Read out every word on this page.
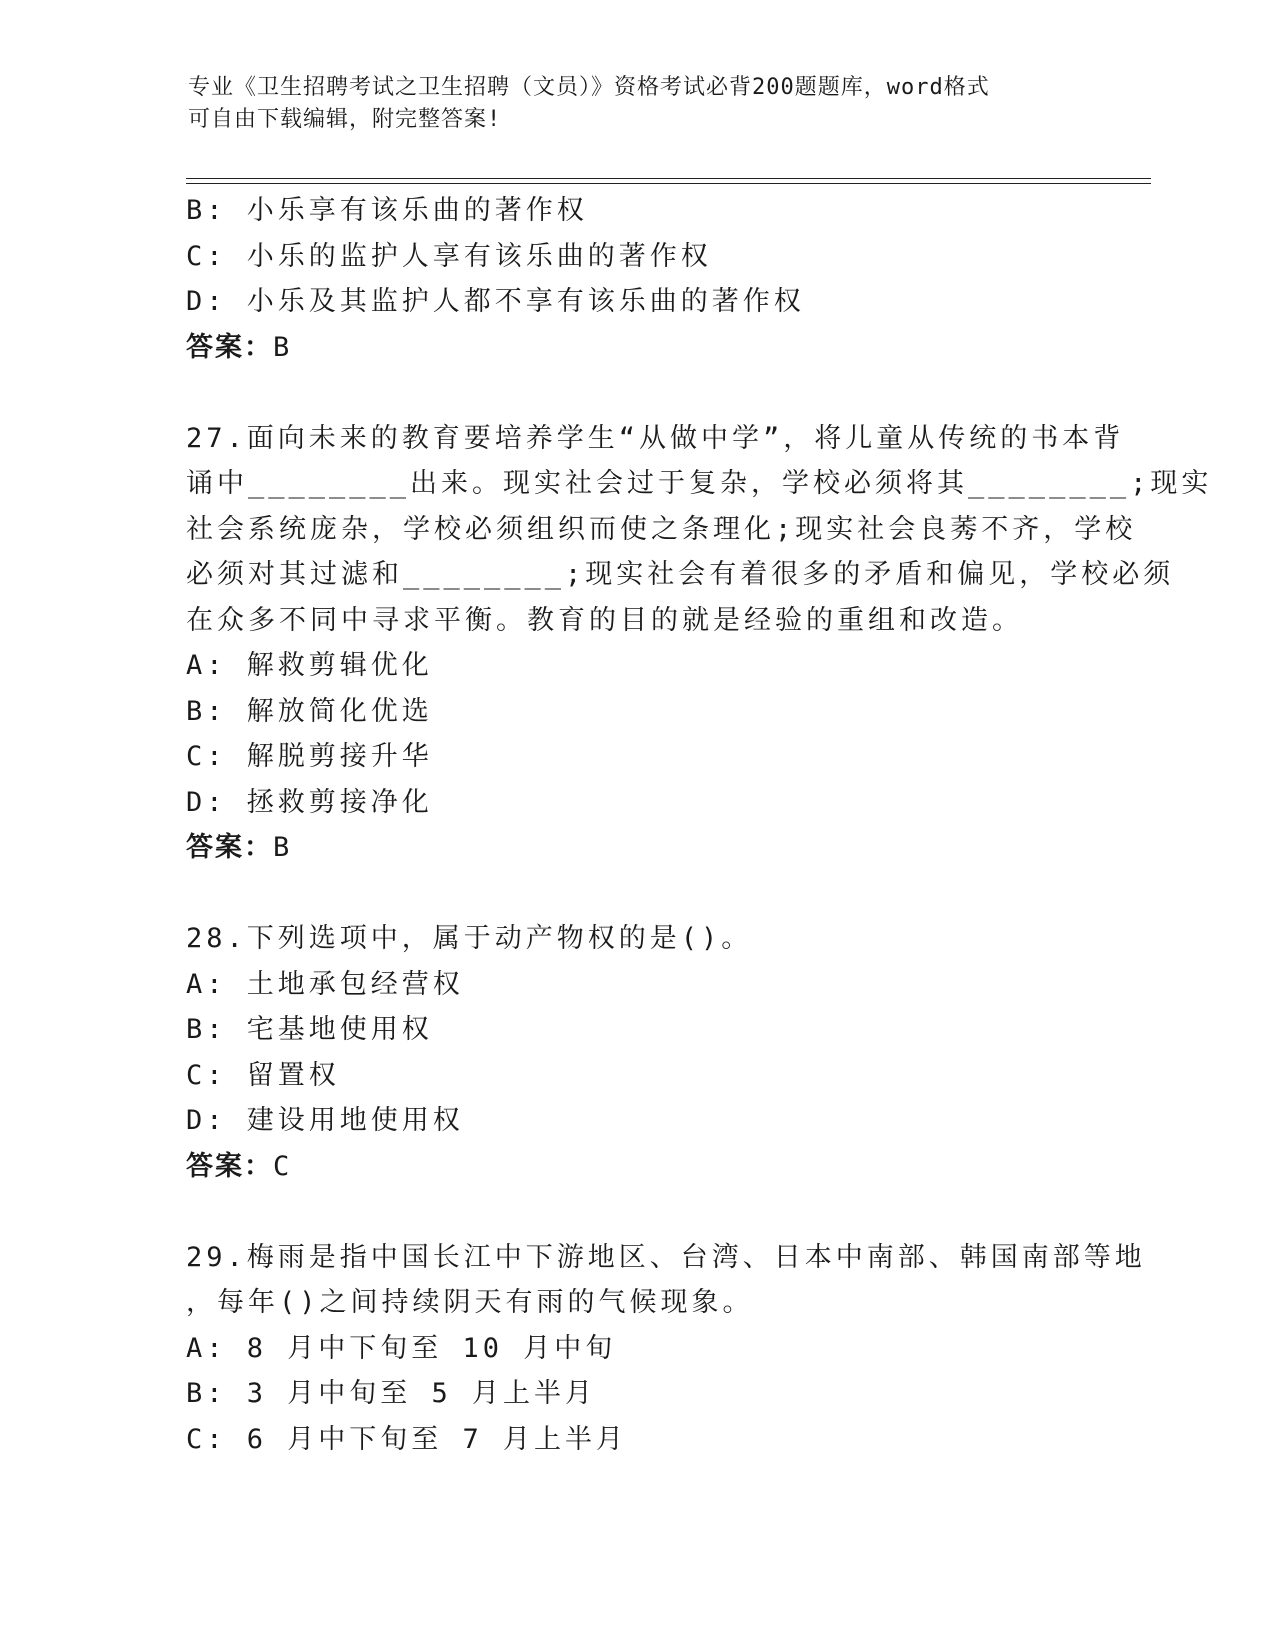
专业《卫生招聘考试之卫生招聘（文员）》资格考试必背200题题库，word格式
可自由下载编辑，附完整答案!
B: 小乐享有该乐曲的著作权
C: 小乐的监护人享有该乐曲的著作权
D: 小乐及其监护人都不享有该乐曲的著作权
答案：B
27.面向未来的教育要培养学生“从做中学”，将儿童从传统的书本背
诵中________出来。现实社会过于复杂，学校必须将其________;现实
社会系统庞杂，学校必须组织而使之条理化;现实社会良莠不齐，学校
必须对其过滤和________;现实社会有着很多的矛盾和偏见，学校必须
在众多不同中寻求平衡。教育的目的就是经验的重组和改造。
A: 解救剪辑优化
B: 解放简化优选
C: 解脱剪接升华
D: 拯救剪接净化
答案：B
28.下列选项中，属于动产物权的是()。
A: 土地承包经营权
B: 宅基地使用权
C: 留置权
D: 建设用地使用权
答案：C
29.梅雨是指中国长江中下游地区、台湾、日本中南部、韩国南部等地
，每年()之间持续阴天有雨的气候现象。
A: 8 月中下旬至 10 月中旬
B: 3 月中旬至 5 月上半月
C: 6 月中下旬至 7 月上半月
